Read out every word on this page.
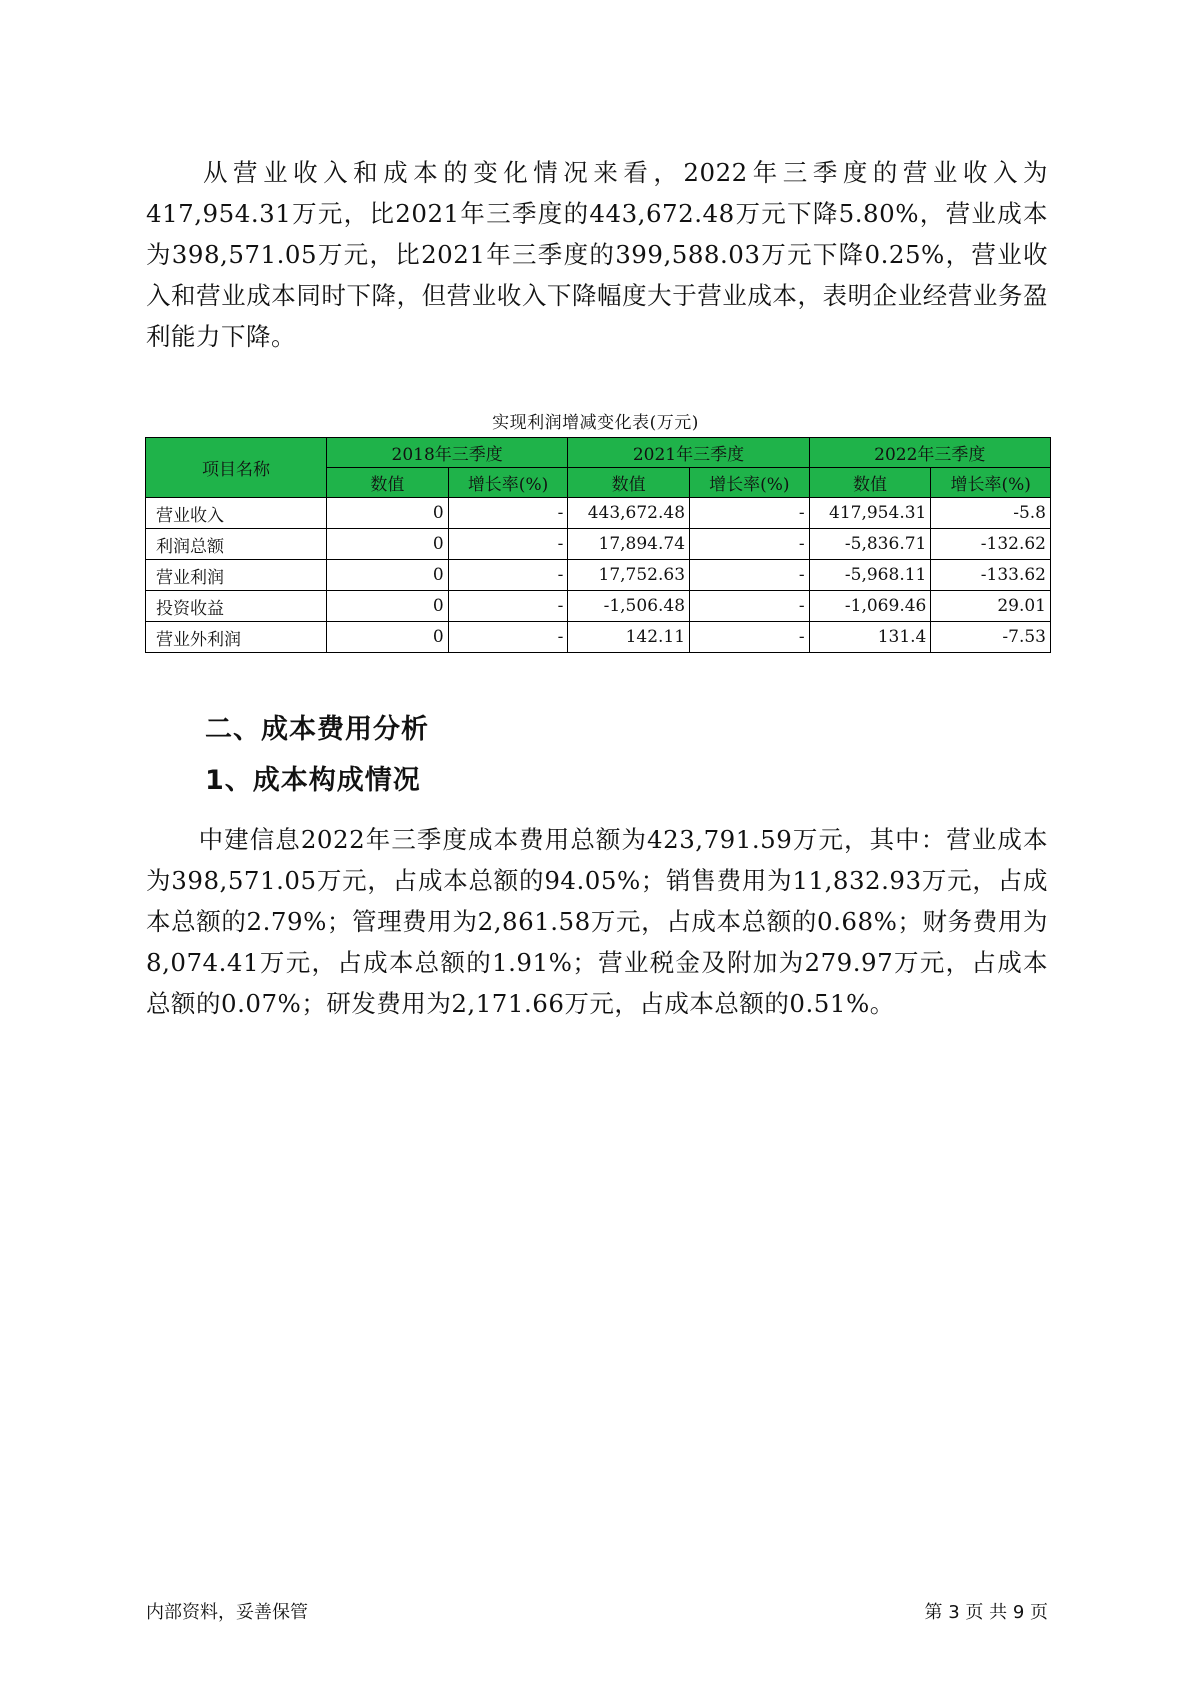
从营业收入和成本的变化情况来看，2022年三季度的营业收入为417,954.31万元，比2021年三季度的443,672.48万元下降5.80%，营业成本为398,571.05万元，比2021年三季度的399,588.03万元下降0.25%，营业收入和营业成本同时下降，但营业收入下降幅度大于营业成本，表明企业经营业务盈利能力下降。

实现利润增减变化表(万元)
项目名称	2018年三季度		2021年三季度		2022年三季度	
	数值	增长率(%)	数值	增长率(%)	数值	增长率(%)
营业收入	0	-	443,672.48	-	417,954.31	-5.8
利润总额	0	-	17,894.74	-	-5,836.71	-132.62
营业利润	0	-	17,752.63	-	-5,968.11	-133.62
投资收益	0	-	-1,506.48	-	-1,069.46	29.01
营业外利润	0	-	142.11	-	131.4	-7.53
二、成本费用分析
1、成本构成情况

中建信息2022年三季度成本费用总额为423,791.59万元，其中：营业成本为398,571.05万元，占成本总额的94.05%；销售费用为11,832.93万元，占成本总额的2.79%；管理费用为2,861.58万元，占成本总额的0.68%；财务费用为8,074.41万元，占成本总额的1.91%；营业税金及附加为279.97万元，占成本总额的0.07%；研发费用为2,171.66万元，占成本总额的0.51%。

内部资料，妥善保管	第 3 页 共 9 页
